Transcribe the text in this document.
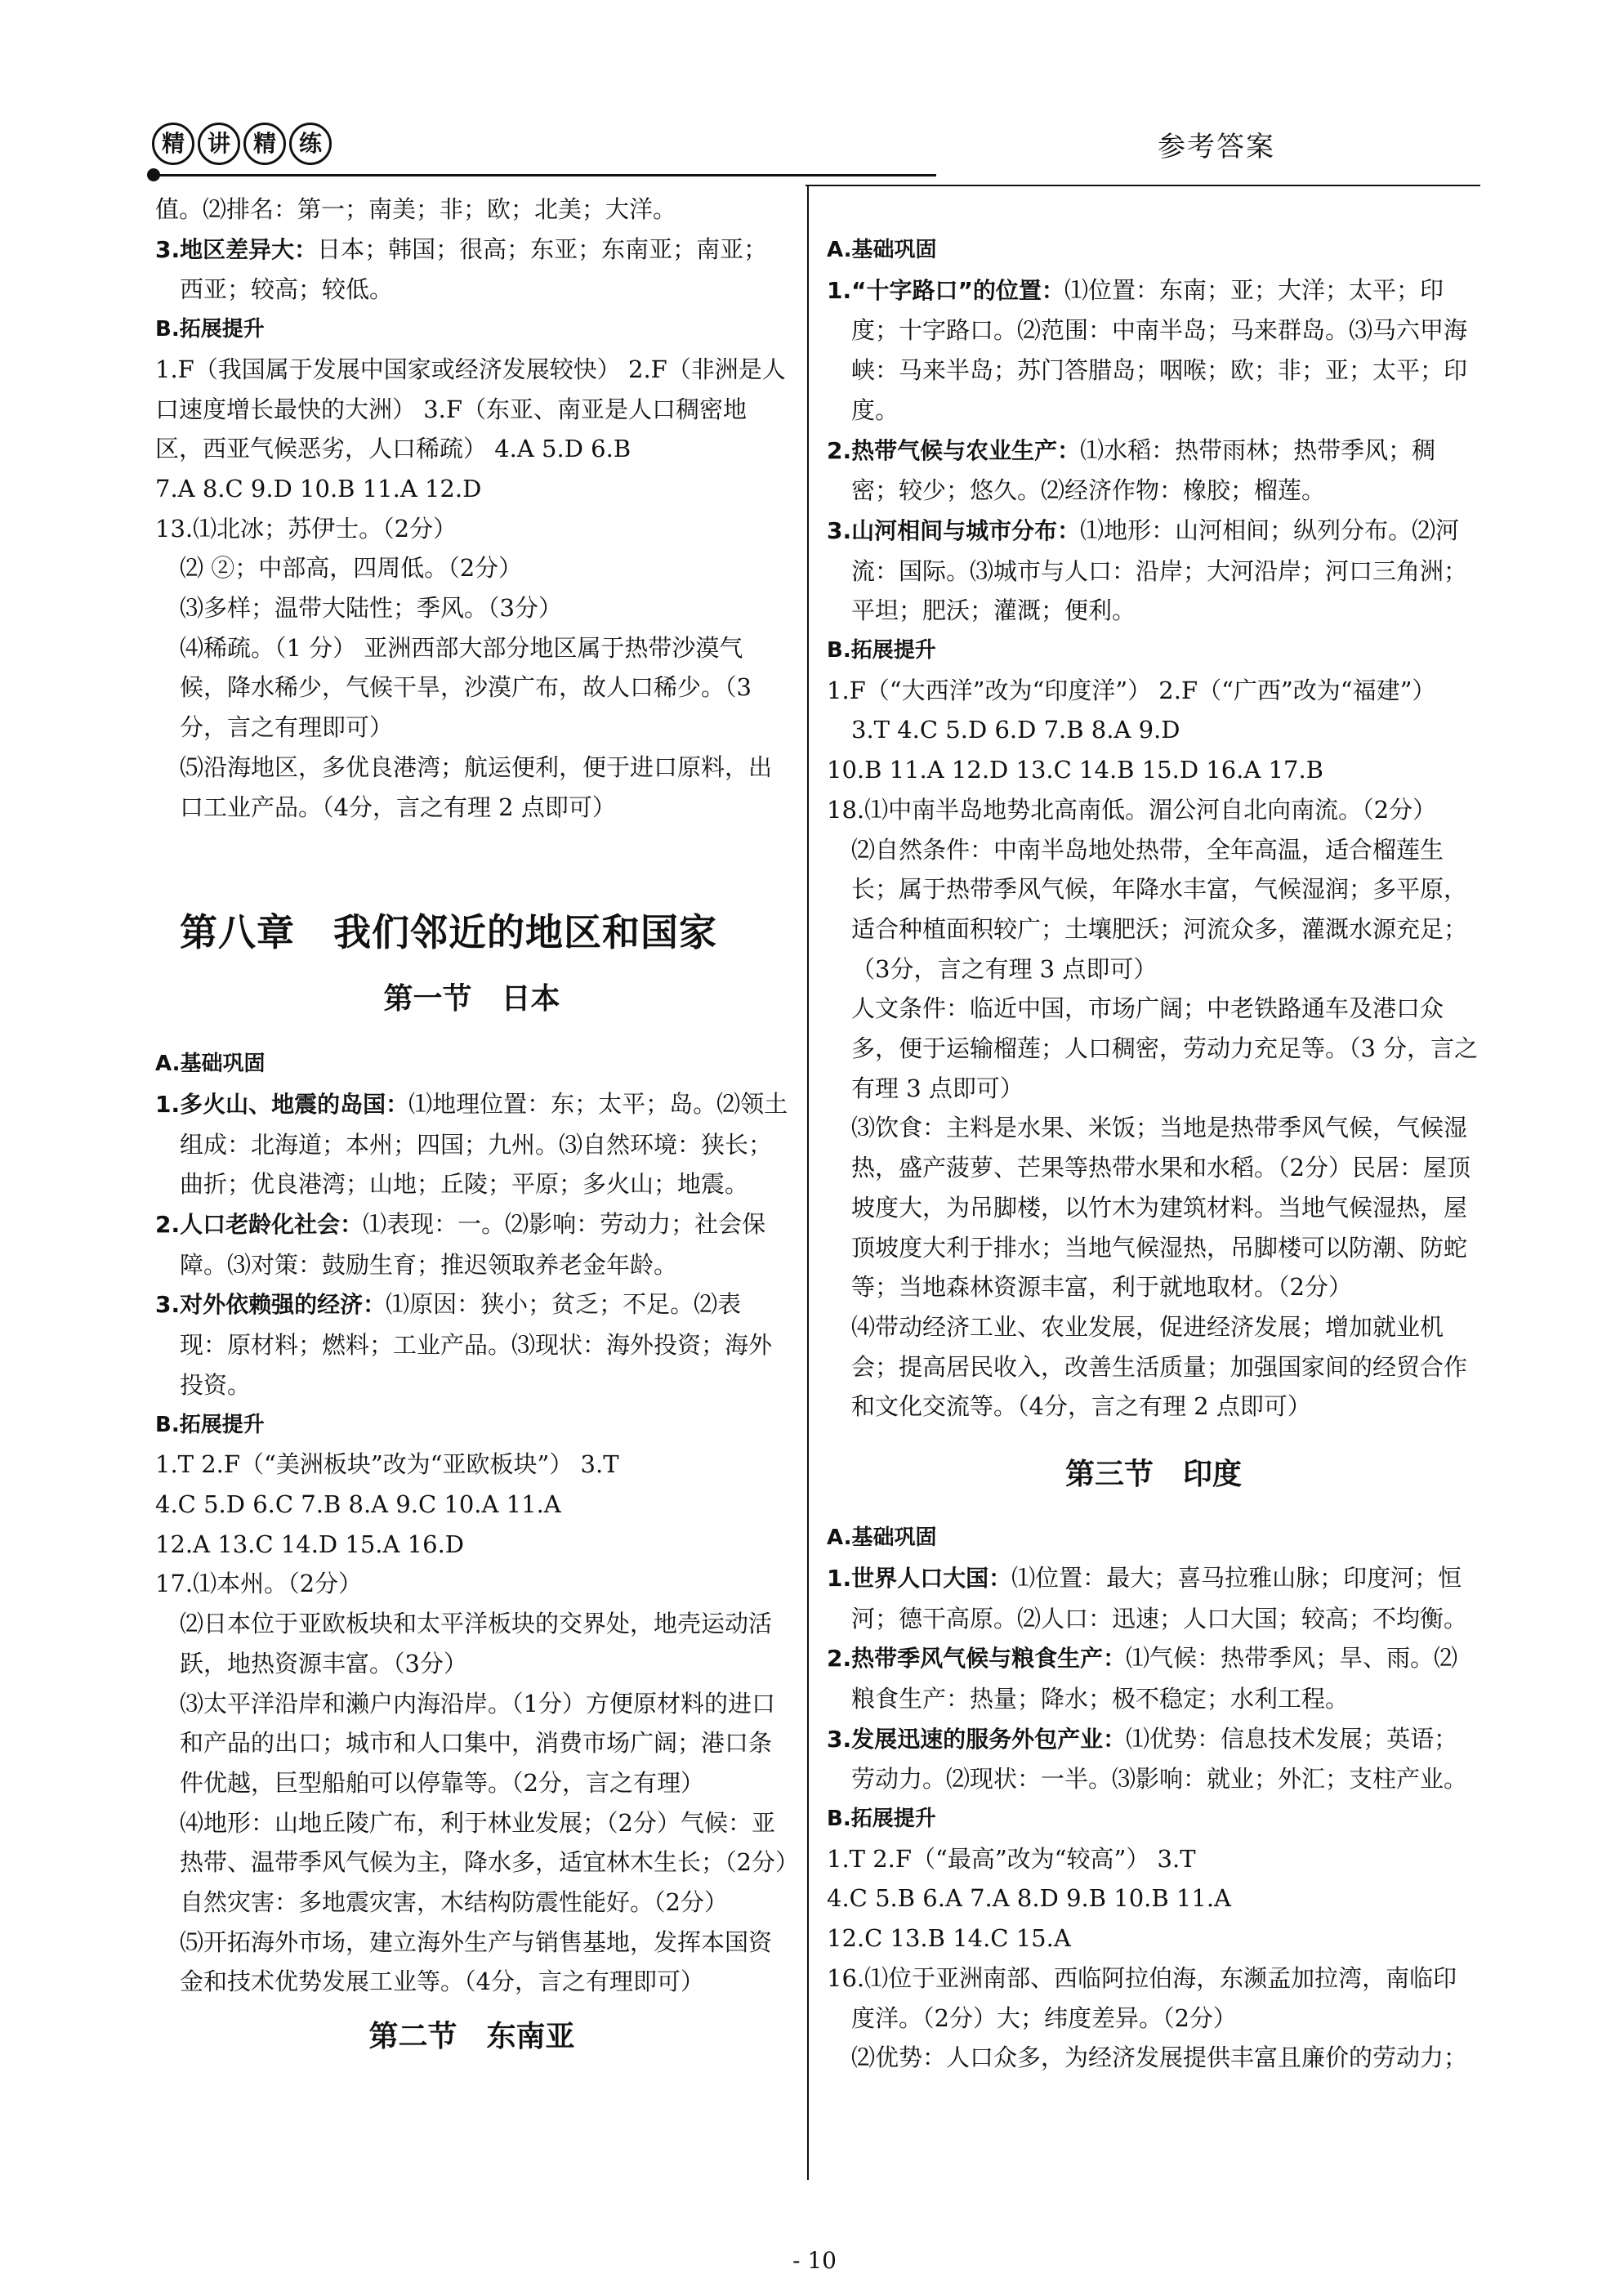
精 讲 精 练	参考答案

值。⑵排名：第一；南美；非；欧；北美；大洋。

3.地区差异大：日本；韩国；很高；东亚；东南亚；南亚；西亚；较高；较低。

B.拓展提升

1.F（我国属于发展中国家或经济发展较快） 2.F（非洲是人口速度增长最快的大洲） 3.F（东亚、南亚是人口稠密地区，西亚气候恶劣，人口稀疏） 4.A 5.D 6.B

7.A 8.C 9.D 10.B 11.A 12.D

13.⑴北冰；苏伊士。（2分）

⑵ ②；中部高，四周低。（2分）

⑶多样；温带大陆性；季风。（3分）

⑷稀疏。（1 分） 亚洲西部大部分地区属于热带沙漠气候，降水稀少，气候干旱，沙漠广布，故人口稀少。（3分，言之有理即可）

⑸沿海地区，多优良港湾；航运便利，便于进口原料，出口工业产品。（4分，言之有理 2 点即可）

第八章　我们邻近的地区和国家
第一节　日本

A.基础巩固

1.多火山、地震的岛国：⑴地理位置：东；太平；岛。⑵领土组成：北海道；本州；四国；九州。⑶自然环境：狭长；曲折；优良港湾；山地；丘陵；平原；多火山；地震。

2.人口老龄化社会：⑴表现：一。⑵影响：劳动力；社会保障。⑶对策：鼓励生育；推迟领取养老金年龄。

3.对外依赖强的经济：⑴原因：狭小；贫乏；不足。⑵表现：原材料；燃料；工业产品。⑶现状：海外投资；海外投资。

B.拓展提升

1.T 2.F（“美洲板块”改为“亚欧板块”） 3.T

4.C 5.D 6.C 7.B 8.A 9.C 10.A 11.A

12.A 13.C 14.D 15.A 16.D

17.⑴本州。（2分）

⑵日本位于亚欧板块和太平洋板块的交界处，地壳运动活跃，地热资源丰富。（3分）

⑶太平洋沿岸和濑户内海沿岸。（1分）方便原材料的进口和产品的出口；城市和人口集中，消费市场广阔；港口条件优越，巨型船舶可以停靠等。（2分，言之有理）

⑷地形：山地丘陵广布，利于林业发展；（2分）气候：亚热带、温带季风气候为主，降水多，适宜林木生长；（2分）自然灾害：多地震灾害，木结构防震性能好。（2分）

⑸开拓海外市场，建立海外生产与销售基地，发挥本国资金和技术优势发展工业等。（4分，言之有理即可）

第二节　东南亚

A.基础巩固

1.“十字路口”的位置：⑴位置：东南；亚；大洋；太平；印度；十字路口。⑵范围：中南半岛；马来群岛。⑶马六甲海峡：马来半岛；苏门答腊岛；咽喉；欧；非；亚；太平；印度。

2.热带气候与农业生产：⑴水稻：热带雨林；热带季风；稠密；较少；悠久。⑵经济作物：橡胶；榴莲。

3.山河相间与城市分布：⑴地形：山河相间；纵列分布。⑵河流：国际。⑶城市与人口：沿岸；大河沿岸；河口三角洲；平坦；肥沃；灌溉；便利。

B.拓展提升

1.F（“大西洋”改为“印度洋”） 2.F（“广西”改为“福建”） 3.T 4.C 5.D 6.D 7.B 8.A 9.D

10.B 11.A 12.D 13.C 14.B 15.D 16.A 17.B

18.⑴中南半岛地势北高南低。湄公河自北向南流。（2分）

⑵自然条件：中南半岛地处热带，全年高温，适合榴莲生长；属于热带季风气候，年降水丰富，气候湿润；多平原，适合种植面积较广；土壤肥沃；河流众多，灌溉水源充足；（3分，言之有理 3 点即可）

人文条件：临近中国，市场广阔；中老铁路通车及港口众多，便于运输榴莲；人口稠密，劳动力充足等。（3 分，言之有理 3 点即可）

⑶饮食：主料是水果、米饭；当地是热带季风气候，气候湿热，盛产菠萝、芒果等热带水果和水稻。（2分）民居：屋顶坡度大，为吊脚楼，以竹木为建筑材料。当地气候湿热，屋顶坡度大利于排水；当地气候湿热，吊脚楼可以防潮、防蛇等；当地森林资源丰富，利于就地取材。（2分）

⑷带动经济工业、农业发展，促进经济发展；增加就业机会；提高居民收入，改善生活质量；加强国家间的经贸合作和文化交流等。（4分，言之有理 2 点即可）

第三节　印度

A.基础巩固

1.世界人口大国：⑴位置：最大；喜马拉雅山脉；印度河；恒河；德干高原。⑵人口：迅速；人口大国；较高；不均衡。

2.热带季风气候与粮食生产：⑴气候：热带季风；旱、雨。⑵粮食生产：热量；降水；极不稳定；水利工程。

3.发展迅速的服务外包产业：⑴优势：信息技术发展；英语；劳动力。⑵现状：一半。⑶影响：就业；外汇；支柱产业。

B.拓展提升

1.T 2.F（“最高”改为“较高”） 3.T

4.C 5.B 6.A 7.A 8.D 9.B 10.B 11.A

12.C 13.B 14.C 15.A

16.⑴位于亚洲南部、西临阿拉伯海，东濒孟加拉湾，南临印度洋。（2分）大；纬度差异。（2分）

⑵优势：人口众多，为经济发展提供丰富且廉价的劳动力；

- 10
